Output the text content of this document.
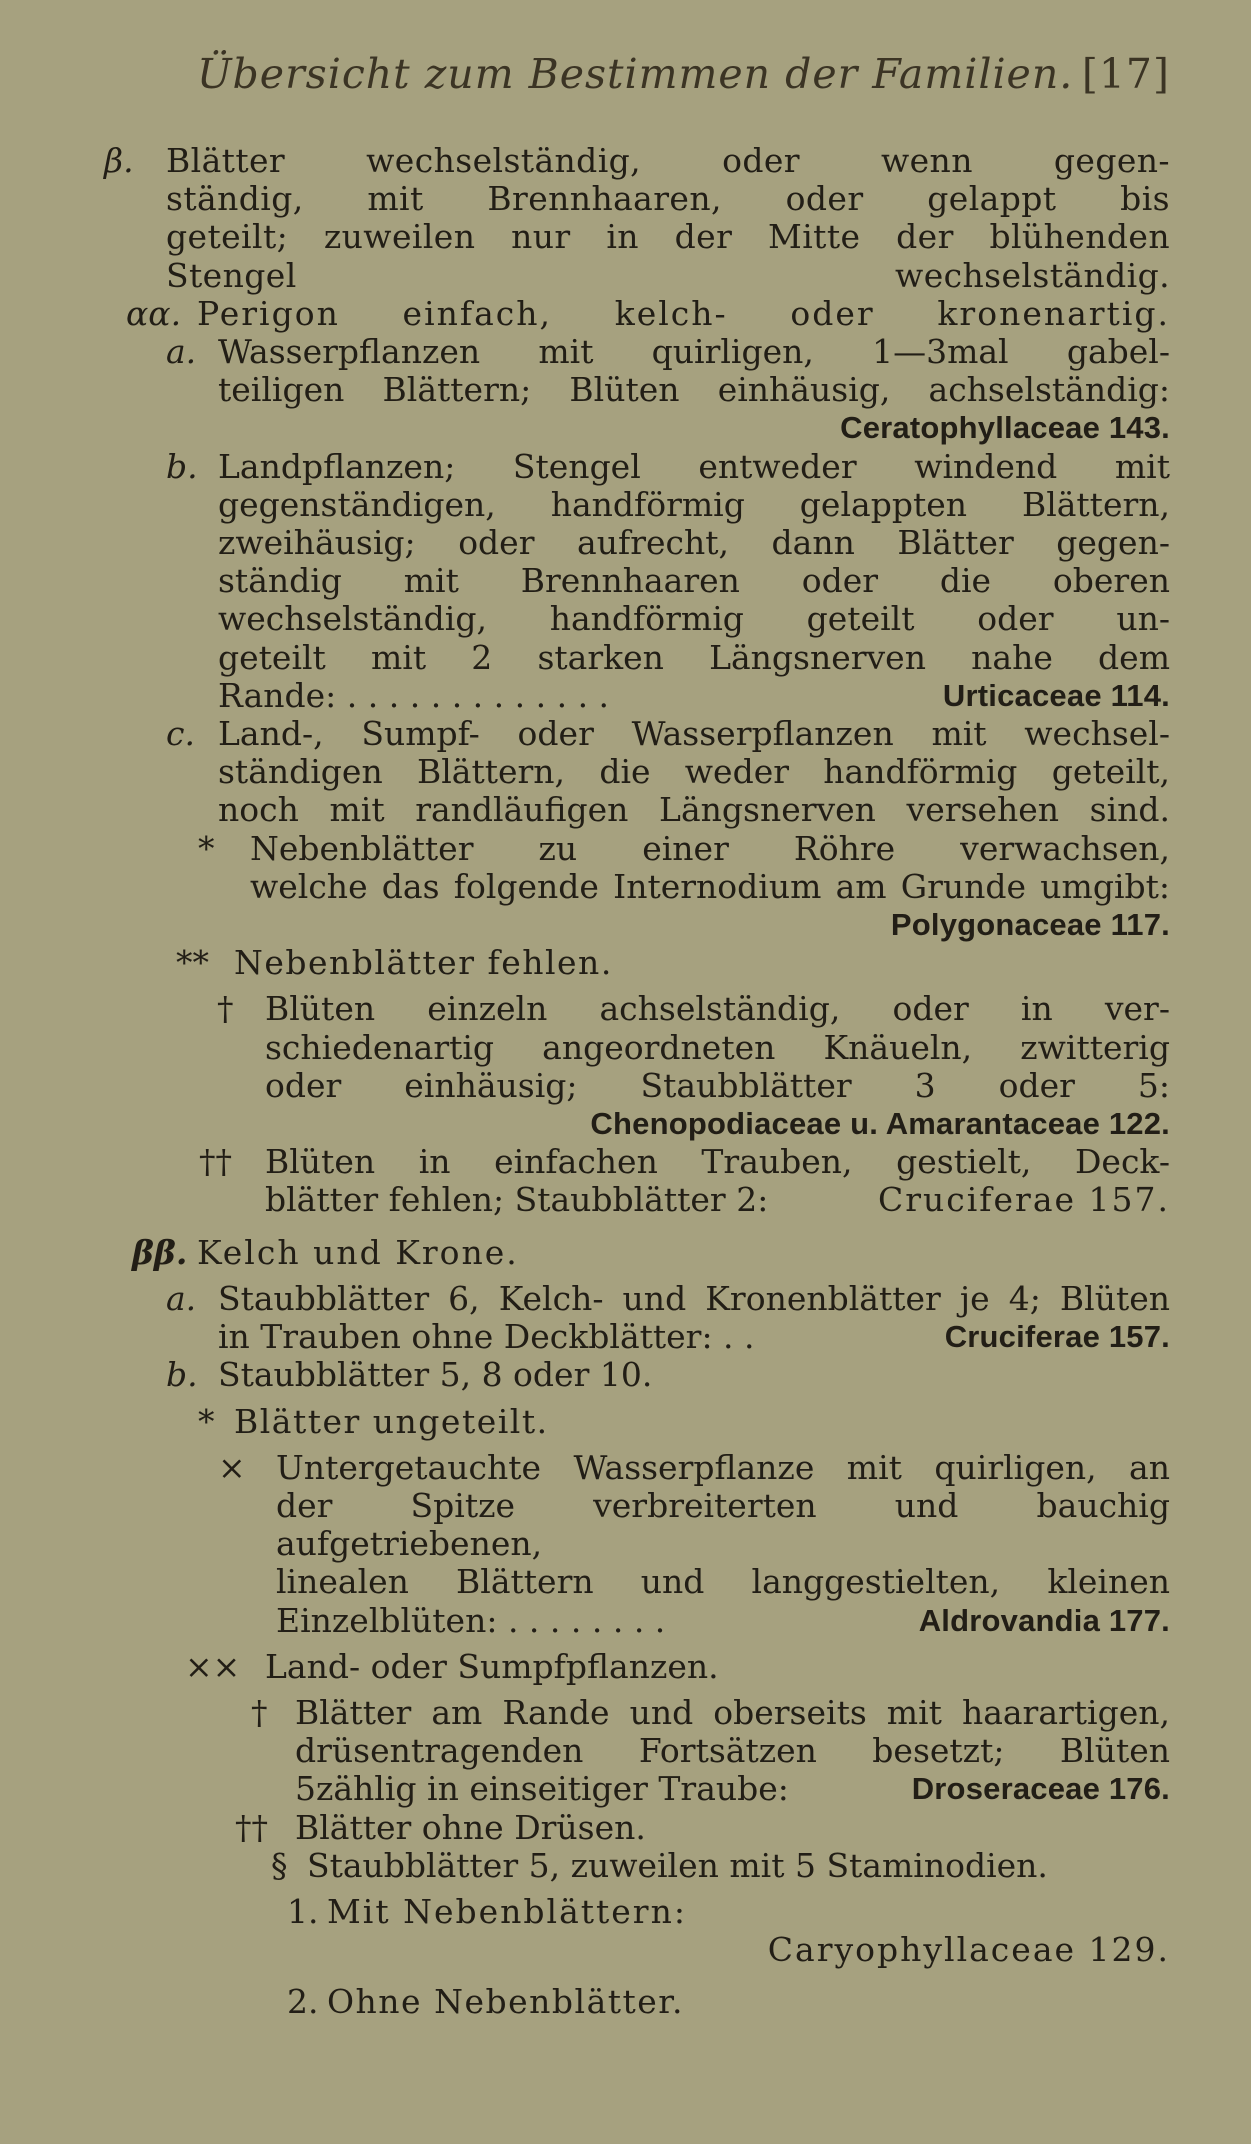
Übersicht zum Bestimmen der Familien. [17]
β. Blätter wechselständig, oder wenn gegen-
ständig, mit Brennhaaren, oder gelappt bis
geteilt; zuweilen nur in der Mitte der blühenden
Stengel wechselständig.
αα. Perigon einfach, kelch- oder kronenartig.
a. Wasserpflanzen mit quirligen, 1—3mal gabel-
teiligen Blättern; Blüten einhäusig, achselständig:
Ceratophyllaceae 143.
b. Landpflanzen; Stengel entweder windend mit
gegenständigen, handförmig gelappten Blättern,
zweihäusig; oder aufrecht, dann Blätter gegen-
ständig mit Brennhaaren oder die oberen
wechselständig, handförmig geteilt oder un-
geteilt mit 2 starken Längsnerven nahe dem
Rande: . . . . . . . . . . . . .	Urticaceae 114.
c. Land-, Sumpf- oder Wasserpflanzen mit wechsel-
ständigen Blättern, die weder handförmig geteilt,
noch mit randläufigen Längsnerven versehen sind.
* Nebenblätter zu einer Röhre verwachsen,
welche das folgende Internodium am Grunde umgibt:
Polygonaceae 117.
** Nebenblätter fehlen.
† Blüten einzeln achselständig, oder in ver-
schiedenartig angeordneten Knäueln, zwitterig
oder einhäusig; Staubblätter 3 oder 5:
Chenopodiaceae u. Amarantaceae 122.
†† Blüten in einfachen Trauben, gestielt, Deck-
blätter fehlen; Staubblätter 2:	Cruciferae 157.
ββ. Kelch und Krone.
a. Staubblätter 6, Kelch- und Kronenblätter je 4; Blüten
in Trauben ohne Deckblätter: . .	Cruciferae 157.
b. Staubblätter 5, 8 oder 10.
* Blätter ungeteilt.
× Untergetauchte Wasserpflanze mit quirligen, an
der Spitze verbreiterten und bauchig aufgetriebenen,
linealen Blättern und langgestielten, kleinen
Einzelblüten: . . . . . . . .	Aldrovandia 177.
×× Land- oder Sumpfpflanzen.
† Blätter am Rande und oberseits mit haarartigen,
drüsentragenden Fortsätzen besetzt; Blüten
5zählig in einseitiger Traube:	Droseraceae 176.
†† Blätter ohne Drüsen.
§ Staubblätter 5, zuweilen mit 5 Staminodien.
1. Mit Nebenblättern:
Caryophyllaceae 129.
2. Ohne Nebenblätter.
